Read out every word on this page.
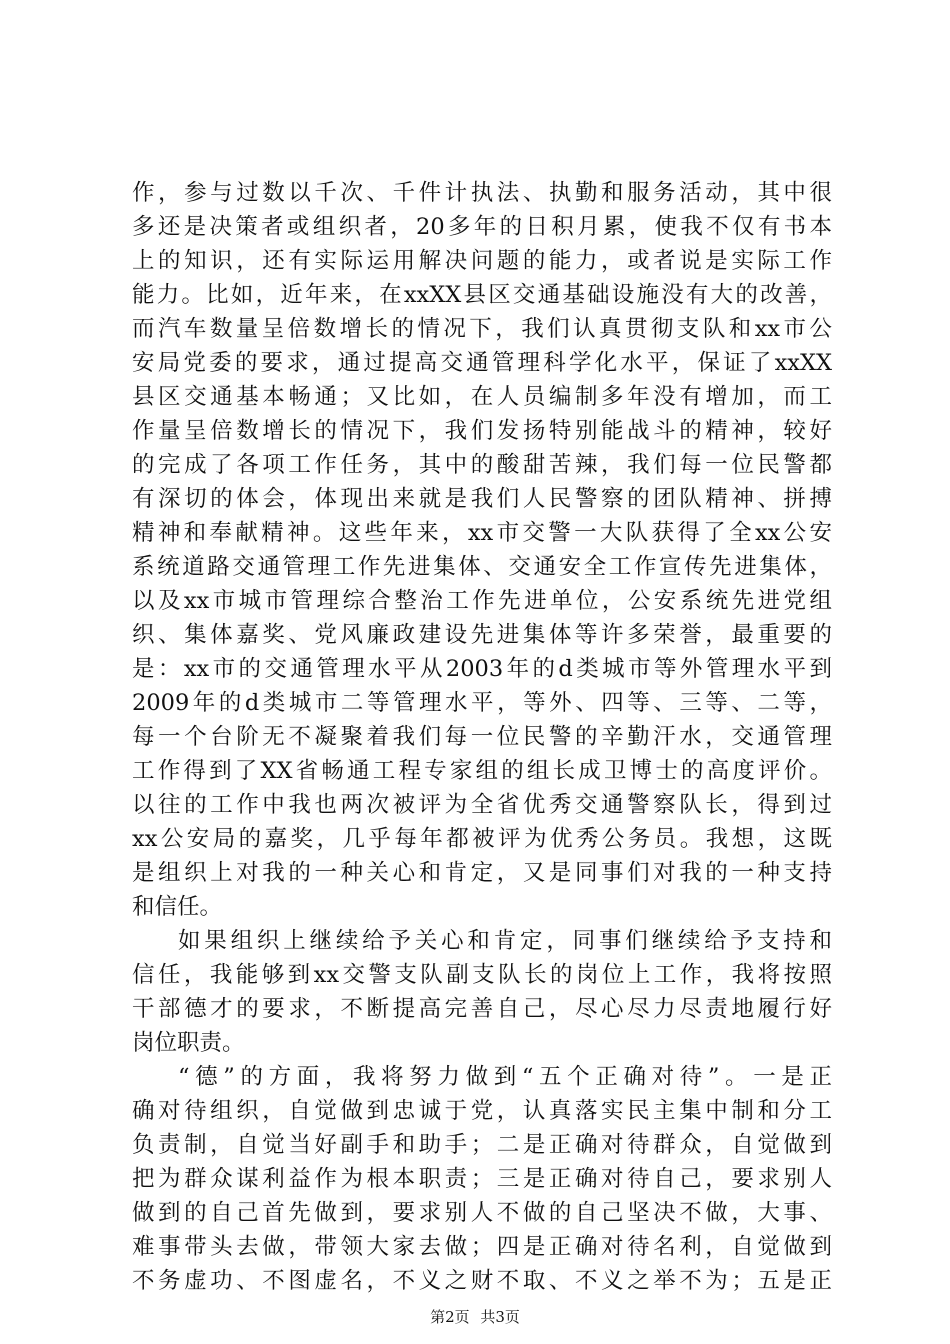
作，参与过数以千次、千件计执法、执勤和服务活动，其中很
多还是决策者或组织者，20多年的日积月累，使我不仅有书本
上的知识，还有实际运用解决问题的能力，或者说是实际工作
能力。比如，近年来，在xxXX县区交通基础设施没有大的改善，
而汽车数量呈倍数增长的情况下，我们认真贯彻支队和xx市公
安局党委的要求，通过提高交通管理科学化水平，保证了xxXX
县区交通基本畅通；又比如，在人员编制多年没有增加，而工
作量呈倍数增长的情况下，我们发扬特别能战斗的精神，较好
的完成了各项工作任务，其中的酸甜苦辣，我们每一位民警都
有深切的体会，体现出来就是我们人民警察的团队精神、拼搏
精神和奉献精神。这些年来，xx市交警一大队获得了全xx公安
系统道路交通管理工作先进集体、交通安全工作宣传先进集体，
以及xx市城市管理综合整治工作先进单位，公安系统先进党组
织、集体嘉奖、党风廉政建设先进集体等许多荣誉，最重要的
是：xx市的交通管理水平从2003年的d类城市等外管理水平到
2009年的d类城市二等管理水平，等外、四等、三等、二等，
每一个台阶无不凝聚着我们每一位民警的辛勤汗水，交通管理
工作得到了XX省畅通工程专家组的组长成卫博士的高度评价。
以往的工作中我也两次被评为全省优秀交通警察队长，得到过
xx公安局的嘉奖，几乎每年都被评为优秀公务员。我想，这既
是组织上对我的一种关心和肯定，又是同事们对我的一种支持
和信任。
如果组织上继续给予关心和肯定，同事们继续给予支持和
信任，我能够到xx交警支队副支队长的岗位上工作，我将按照
干部德才的要求，不断提高完善自己，尽心尽力尽责地履行好
岗位职责。
“德”的方面，我将努力做到“五个正确对待”。一是正
确对待组织，自觉做到忠诚于党，认真落实民主集中制和分工
负责制，自觉当好副手和助手；二是正确对待群众，自觉做到
把为群众谋利益作为根本职责；三是正确对待自己，要求别人
做到的自己首先做到，要求别人不做的自己坚决不做，大事、
难事带头去做，带领大家去做；四是正确对待名利，自觉做到
不务虚功、不图虚名，不义之财不取、不义之举不为；五是正
第2页 共3页
